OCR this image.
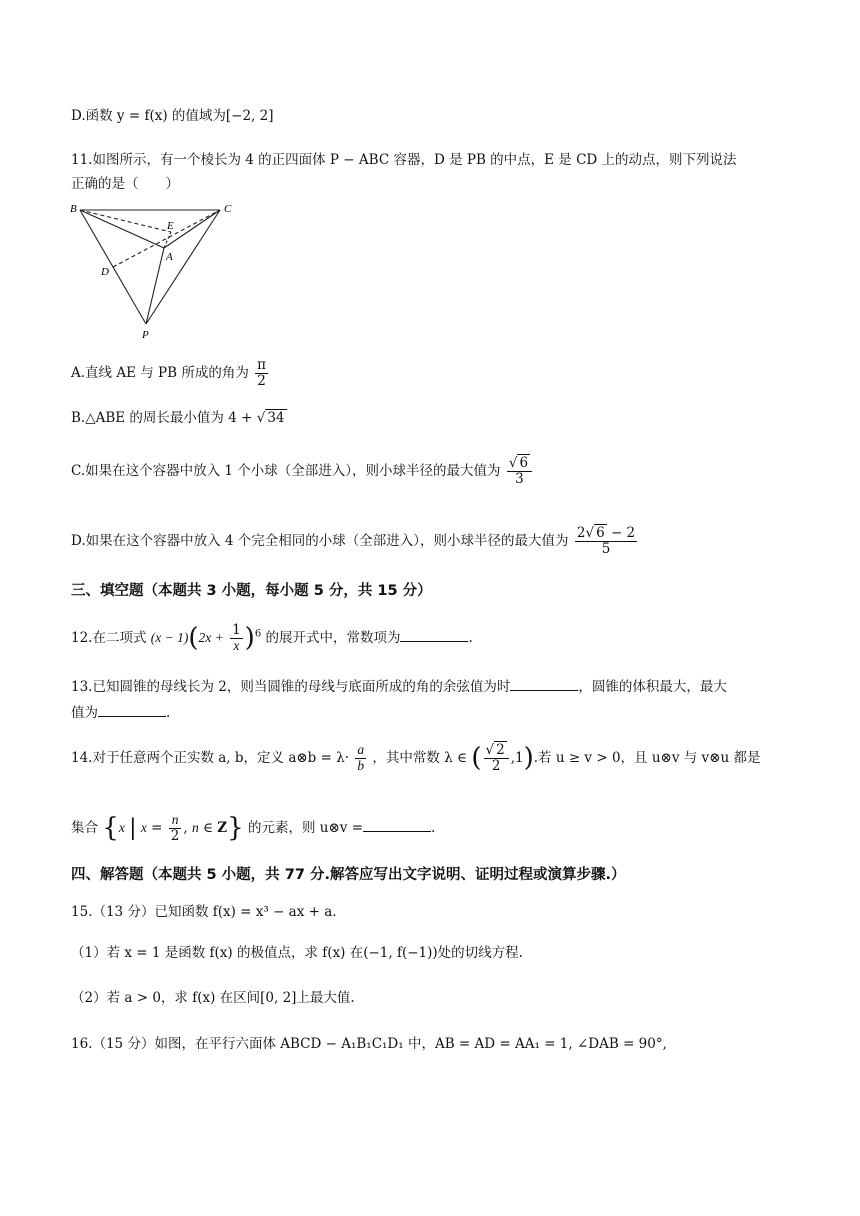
D.函数 y = f(x) 的值域为[−2, 2]
11.如图所示，有一个棱长为 4 的正四面体 P − ABC 容器，D 是 PB 的中点，E 是 CD 上的动点，则下列说法
正确的是（　　）
B	C
E
A
D
P
A.直线 AE 与 PB 所成的角为 $\frac{\pi}{2}$
B.△ABE 的周长最小值为 4 + √ 34
C.如果在这个容器中放入 1 个小球（全部进入），则小球半径的最大值为 $\frac{√ 6}{3}$
D.如果在这个容器中放入 4 个完全相同的小球（全部进入），则小球半径的最大值为 $\frac{2√ 6 - 2}{5}$
三、填空题（本题共 3 小题，每小题 5 分，共 15 分）
12.在二项式 $(x - 1)(2x + \frac{1}{x} )^6$ 的展开式中，常数项为	.
13.已知圆锥的母线长为 2，则当圆锥的母线与底面所成的角的余弦值为时	，圆锥的体积最大，最大
值为	.
14.对于任意两个正实数 a, b，定义 a⊗b = $\lambda\cdot \frac{a}{b}$ ，其中常数 λ ∈ ( $\frac{√ 2}{2} ,1$).若 u ≥ v > 0，且 u⊗v 与 v⊗u 都是
集合 {x | $x = \frac{n}{2}$ , n ∈ Z} 的元素，则 u⊗v =	.
四、解答题（本题共 5 小题，共 77 分.解答应写出文字说明、证明过程或演算步骤.）
15.（13 分）已知函数 f(x) = x³ − ax + a.
（1）若 x = 1 是函数 f(x) 的极值点，求 f(x) 在(−1, f(−1))处的切线方程.
（2）若 a > 0，求 f(x) 在区间[0, 2]上最大值.
16.（15 分）如图，在平行六面体 ABCD − A₁B₁C₁D₁ 中，AB = AD = AA₁ = 1, ∠DAB = 90°,
